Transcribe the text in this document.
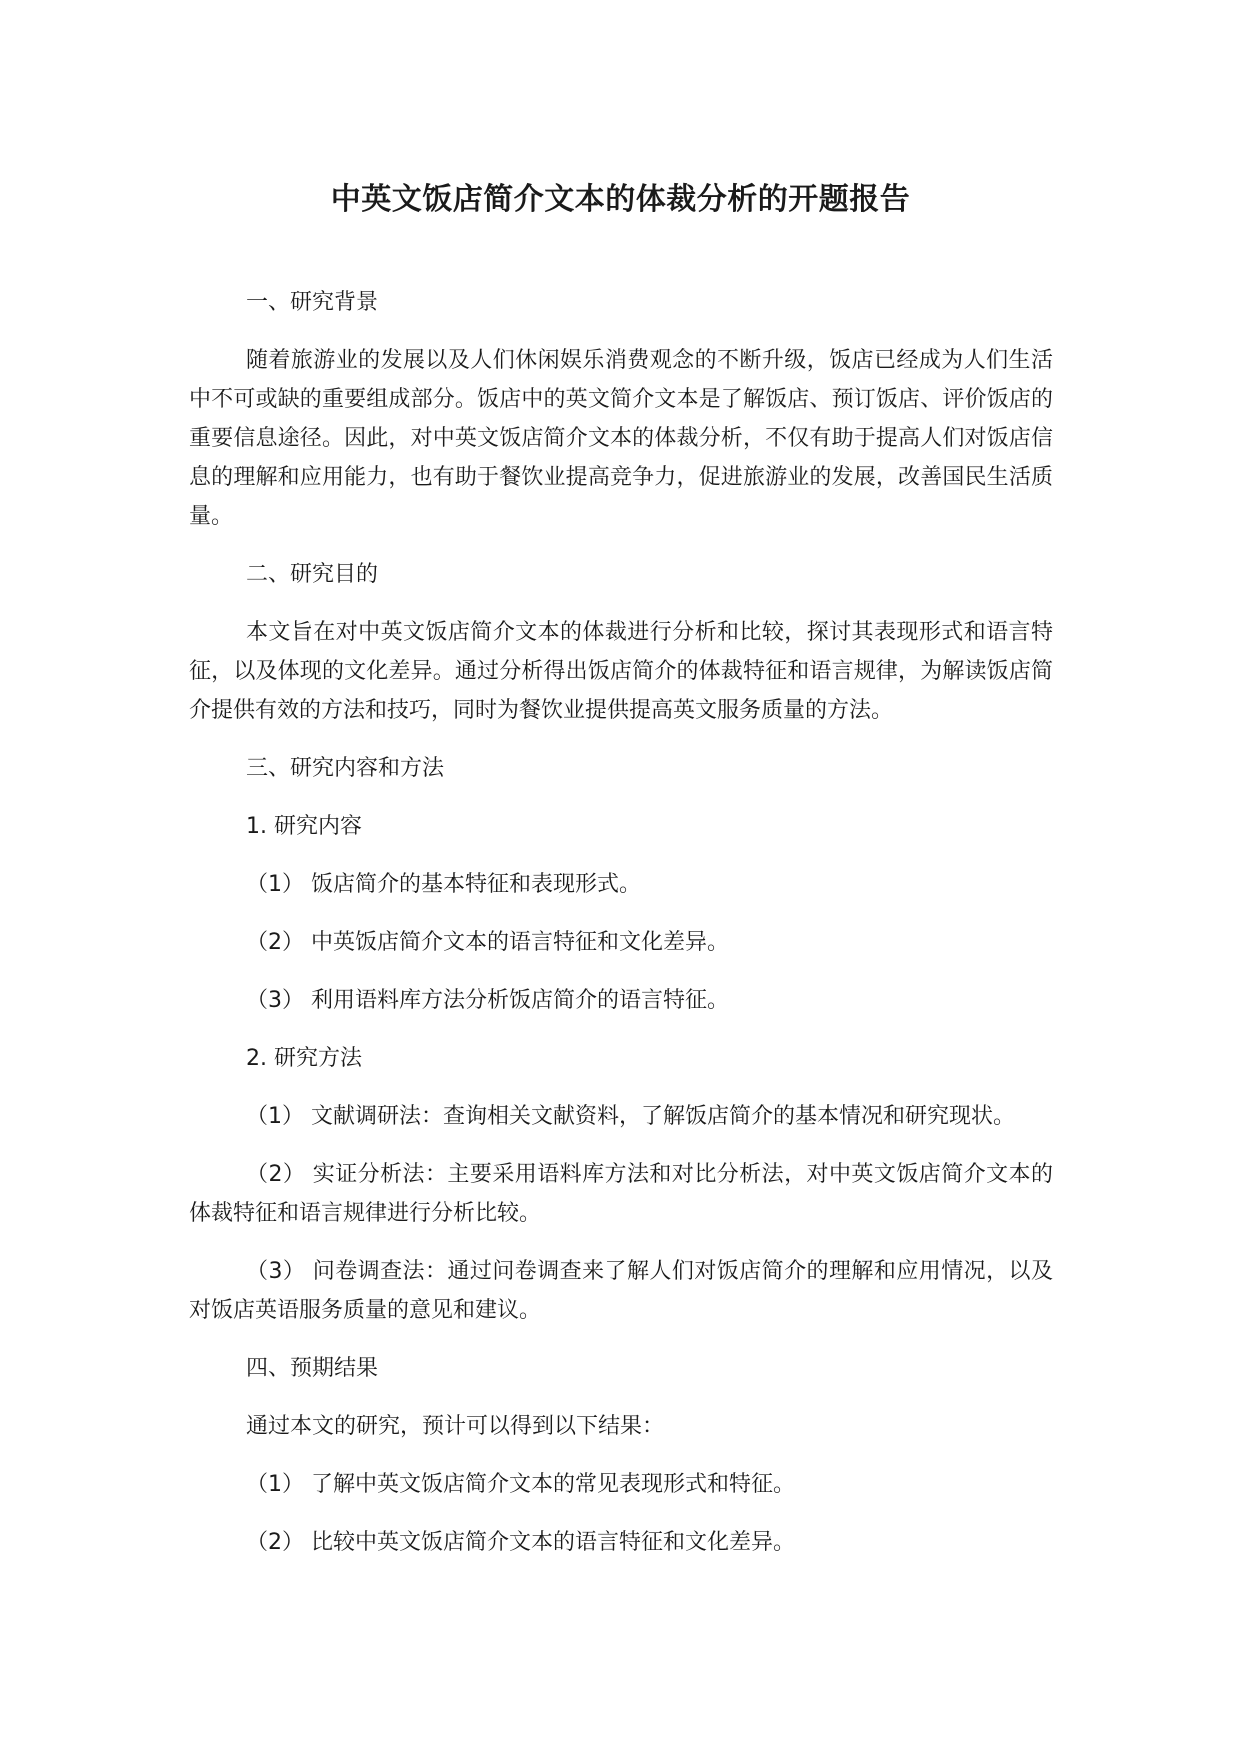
中英文饭店简介文本的体裁分析的开题报告

一、研究背景

随着旅游业的发展以及人们休闲娱乐消费观念的不断升级，饭店已经成为人们生活中不可或缺的重要组成部分。饭店中的英文简介文本是了解饭店、预订饭店、评价饭店的重要信息途径。因此，对中英文饭店简介文本的体裁分析，不仅有助于提高人们对饭店信息的理解和应用能力，也有助于餐饮业提高竞争力，促进旅游业的发展，改善国民生活质量。

二、研究目的

本文旨在对中英文饭店简介文本的体裁进行分析和比较，探讨其表现形式和语言特征，以及体现的文化差异。通过分析得出饭店简介的体裁特征和语言规律，为解读饭店简介提供有效的方法和技巧，同时为餐饮业提供提高英文服务质量的方法。

三、研究内容和方法

1. 研究内容

（1） 饭店简介的基本特征和表现形式。

（2） 中英饭店简介文本的语言特征和文化差异。

（3） 利用语料库方法分析饭店简介的语言特征。

2. 研究方法

（1） 文献调研法：查询相关文献资料，了解饭店简介的基本情况和研究现状。

（2） 实证分析法：主要采用语料库方法和对比分析法，对中英文饭店简介文本的体裁特征和语言规律进行分析比较。

（3） 问卷调查法：通过问卷调查来了解人们对饭店简介的理解和应用情况，以及对饭店英语服务质量的意见和建议。

四、预期结果

通过本文的研究，预计可以得到以下结果：

（1） 了解中英文饭店简介文本的常见表现形式和特征。

（2） 比较中英文饭店简介文本的语言特征和文化差异。
